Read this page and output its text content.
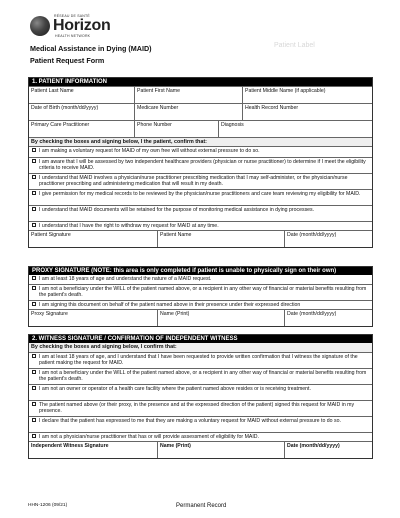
RÉSEAU DE SANTÉ
Horizon
HEALTH NETWORK
Medical Assistance in Dying (MAID)
Patient Request Form
Patient Label
1. PATIENT INFORMATION
Patient Last Name	Patient First Name	Patient Middle Name (if applicable)
Date of Birth (month/dd/yyyy)	Medicare Number	Health Record Number
Primary Care Practitioner	Phone Number	Diagnosis
By checking the boxes and signing below, I the patient, confirm that:
I am making a voluntary request for MAID of my own free will without external pressure to do so.
I am aware that I will be assessed by two independent healthcare providers (physician or nurse practitioner) to determine if I meet the eligibility criteria to receive MAID.
I understand that MAID involves a physician/nurse practitioner prescribing medication that I may self-administer, or the physician/nurse practitioner prescribing and administering medication that will result in my death.
I give permission for my medical records to be reviewed by the physician/nurse practitioners and care team reviewing my eligibility for MAID.
I understand that MAID documents will be retained for the purpose of monitoring medical assistance in dying processes.
I understand that I have the right to withdraw my request for MAID at any time.
Patient Signature	Patient Name	Date (month/dd/yyyy)
PROXY SIGNATURE (NOTE: this area is only completed if patient is unable to physically sign on their own)
I am at least 18 years of age and understand the nature of a MAID request.
I am not a beneficiary under the WILL of the patient named above, or a recipient in any other way of financial or material benefits resulting from the patient's death.
I am signing this document on behalf of the patient named above in their presence under their expressed direction
Proxy Signature	Name (Print)	Date (month/dd/yyyy)
2. WITNESS SIGNATURE / CONFIRMATION OF INDEPENDENT WITNESS
By checking the boxes and signing below, I confirm that:
I am at least 18 years of age, and I understand that I have been requested to provide written confirmation that I witness the signature of the patient making the request for MAID.
I am not a beneficiary under the WILL of the patient named above, or a recipient in any other way of financial or material benefits resulting from the patient's death.
I am not an owner or operator of a health care facility where the patient named above resides or is receiving treatment.
The patient named above (or their proxy, in the presence and at the expressed direction of the patient) signed this request for MAID in my presence.
I declare that the patient has expressed to me that they are making a voluntary request for MAID without external pressure to do so.
I am not a physician/nurse practitioner that has or will provide assessment of eligibility for MAID.
Independent Witness Signature	Name (Print)	Date (month/dd/yyyy)
HHN-1206 (09/21)	Permanent Record
